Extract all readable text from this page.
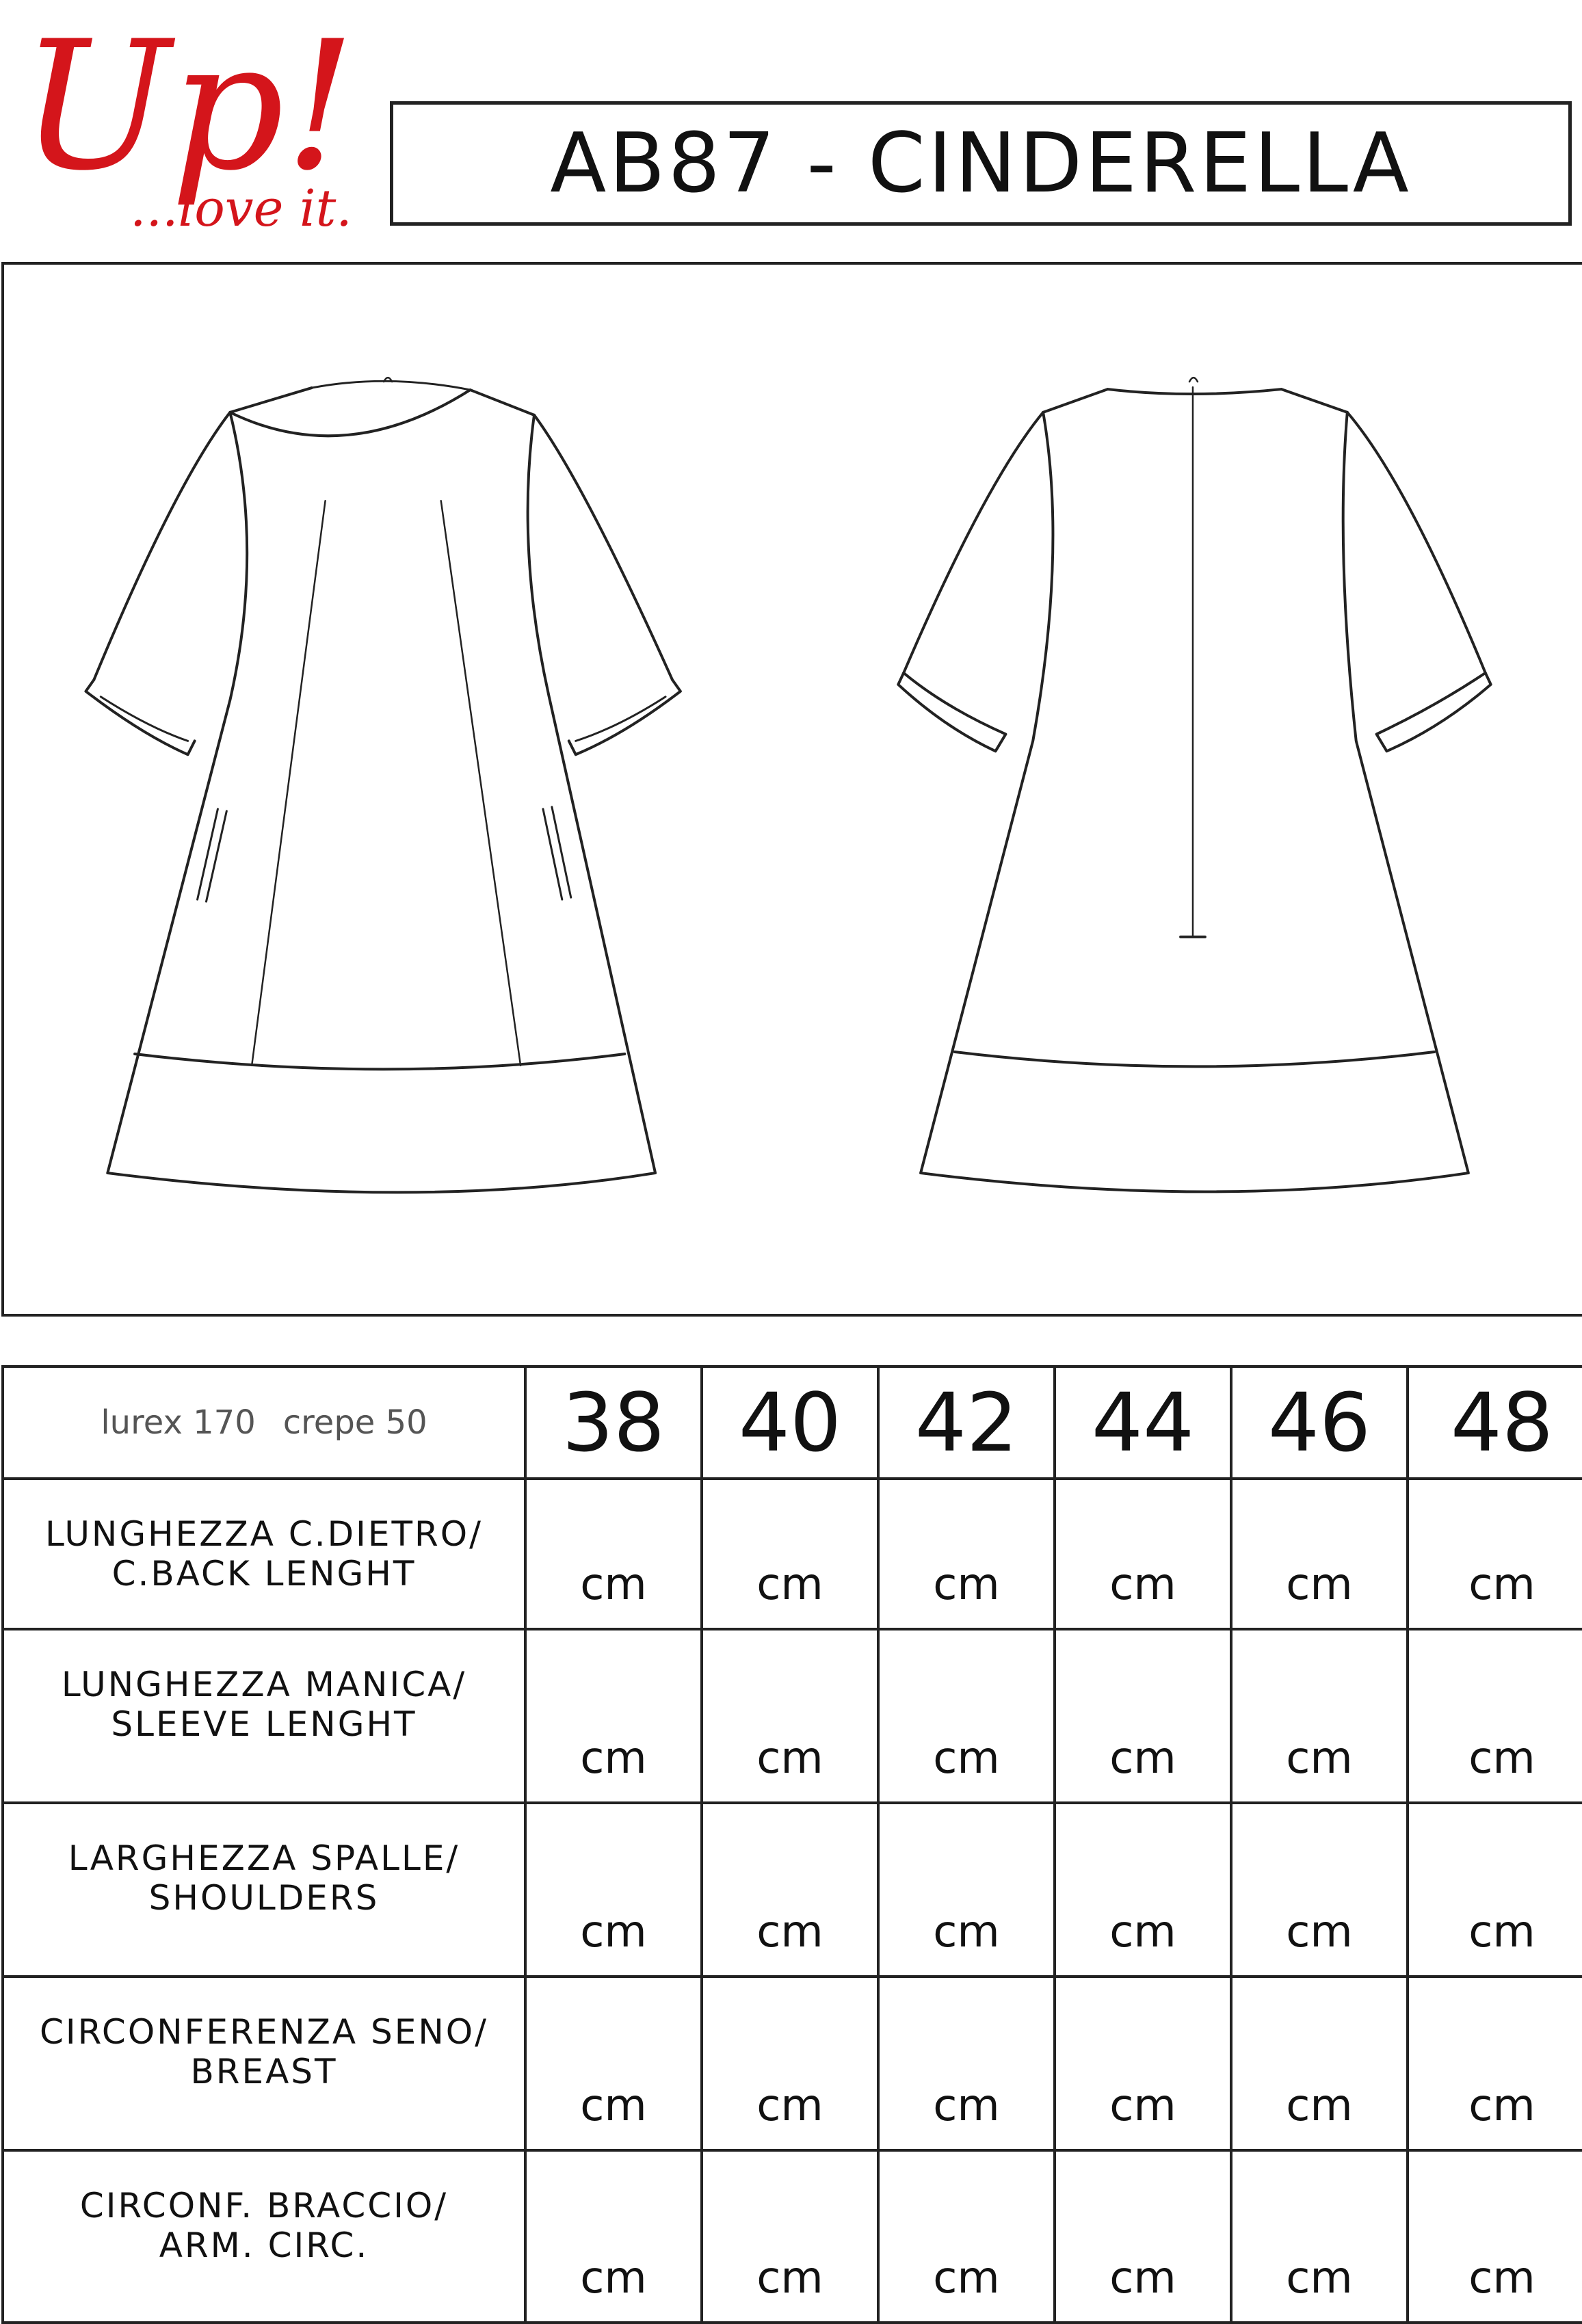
Up!
...love it	AB87 - CINDERELLA
lurex 170 crepe 50	38	40	42	44	46	48

LUNGHEZZA C.DIETRO/
C.BACK LENGHT	cm	cm	cm	cm	cm	cm

LUNGHEZZA MANICA/
SLEEVE LENGHT	cm	cm	cm	cm	cm	cm

LARGHEZZA SPALLE/
SHOULDERS	cm	cm	cm	cm	cm	cm

CIRCONFERENZA SENO/
BREAST	cm	cm	cm	cm	cm	cm

CIRCONF. BRACCIO/
ARM. CIRC.	cm	cm	cm	cm	cm	cm
